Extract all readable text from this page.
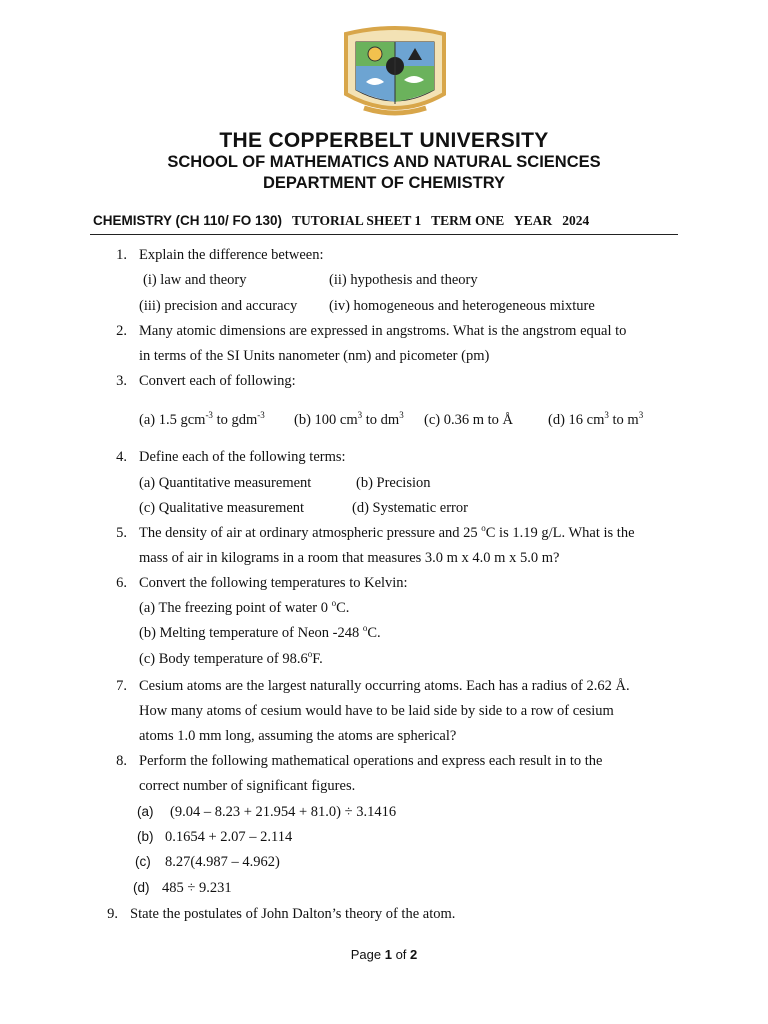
THE COPPERBELT UNIVERSITY
SCHOOL OF MATHEMATICS AND NATURAL SCIENCES
DEPARTMENT OF CHEMISTRY
CHEMISTRY (CH 110/ FO 130) TUTORIAL SHEET 1 TERM ONE YEAR   2024
1. Explain the difference between:
(i) law and theory	(ii) hypothesis and theory
(iii) precision and accuracy (iv) homogeneous and heterogeneous mixture
2. Many atomic dimensions are expressed in angstroms. What is the angstrom equal to
in terms of the SI Units nanometer (nm) and picometer (pm)
3. Convert each of following:
(a) 1.5 gcm$^{-3}$ to gdm$^{-3}$ (b) 100 $cm^3$ to $dm^3$ (c) 0.36 m to Å (d) 16 $cm^3$ to $m^3$
4. Define each of the following terms:
(a) Quantitative measurement	(b) Precision
(c) Qualitative measurement	(d) Systematic error
5. The density of air at ordinary atmospheric pressure and 25 $^o$C is 1.19 g/L. What is the
mass of air in kilograms in a room that measures 3.0 m x 4.0 m x 5.0 m?
6. Convert the following temperatures to Kelvin:
(a) The freezing point of water 0 $^o$C.
(b) Melting temperature of Neon -248 $^o$C.
(c) Body temperature of 98.6$^o$F.
7. Cesium atoms are the largest naturally occurring atoms. Each has a radius of 2.62 Å.
How many atoms of cesium would have to be laid side by side to a row of cesium
atoms 1.0 mm long, assuming the atoms are spherical?
8. Perform the following mathematical operations and express each result in to the
correct number of significant figures.
(a) (9.04 – 8.23 + 21.954 + 81.0) ÷ 3.1416
(b) 0.1654 + 2.07 – 2.114
(c) 8.27(4.987 – 4.962)
(d) 485 ÷ 9.231
9. State the postulates of John Dalton’s theory of the atom.
Page 1 of 2
